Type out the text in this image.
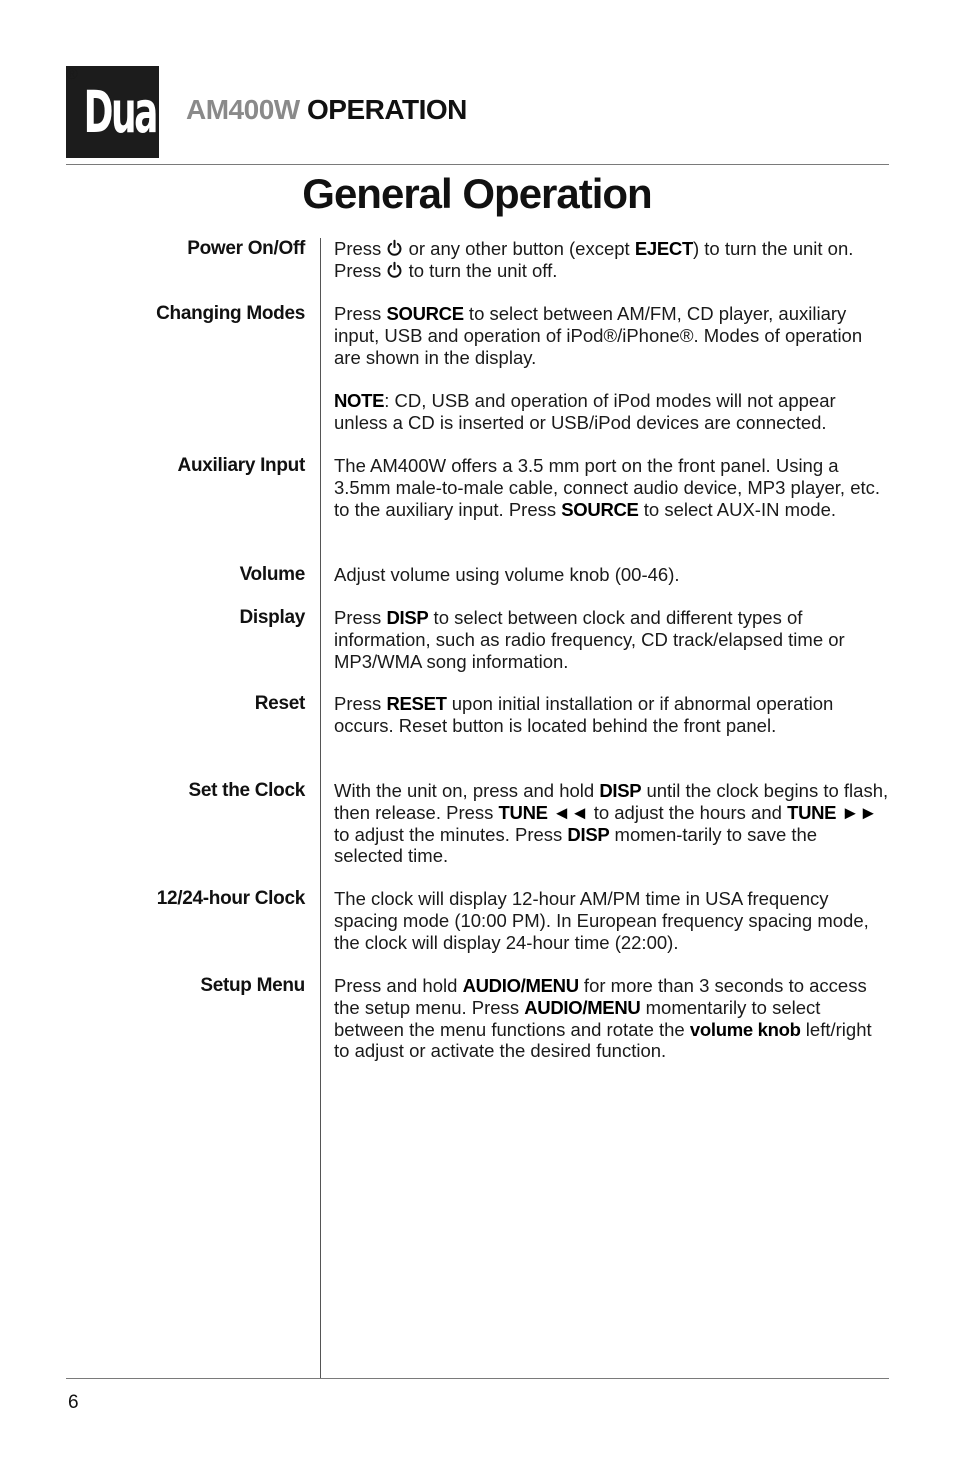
Dual
®
AM400W OPERATION
General Operation
Power On/Off Press  or any other button (except EJECT) to turn the unit on. Press  to turn the unit off.
Changing Modes Press SOURCE to select between AM/FM, CD player, auxiliary input, USB and operation of iPod®/iPhone®. Modes of operation are shown in the display.
NOTE: CD, USB and operation of iPod modes will not appear unless a CD is inserted or USB/iPod devices are connected.
Auxiliary Input The AM400W offers a 3.5 mm port on the front panel. Using a 3.5mm male-to-male cable, connect audio device, MP3 player, etc. to the auxiliary input. Press SOURCE to select AUX-IN mode.
Volume Adjust volume using volume knob (00-46).
Display Press DISP to select between clock and different types of information, such as radio frequency, CD track/elapsed time or MP3/WMA song information.
Reset Press RESET upon initial installation or if abnormal operation occurs. Reset button is located behind the front panel.
Set the Clock With the unit on, press and hold DISP until the clock begins to flash, then release. Press TUNE ◄◄ to adjust the hours and TUNE ►► to adjust the minutes. Press DISP momen-tarily to save the selected time.
12/24-hour Clock The clock will display 12-hour AM/PM time in USA frequency spacing mode (10:00 PM). In European frequency spacing mode, the clock will display 24-hour time (22:00).
Setup Menu Press and hold AUDIO/MENU for more than 3 seconds to access the setup menu. Press AUDIO/MENU momentarily to select between the menu functions and rotate the volume knob left/right to adjust or activate the desired function.
6
